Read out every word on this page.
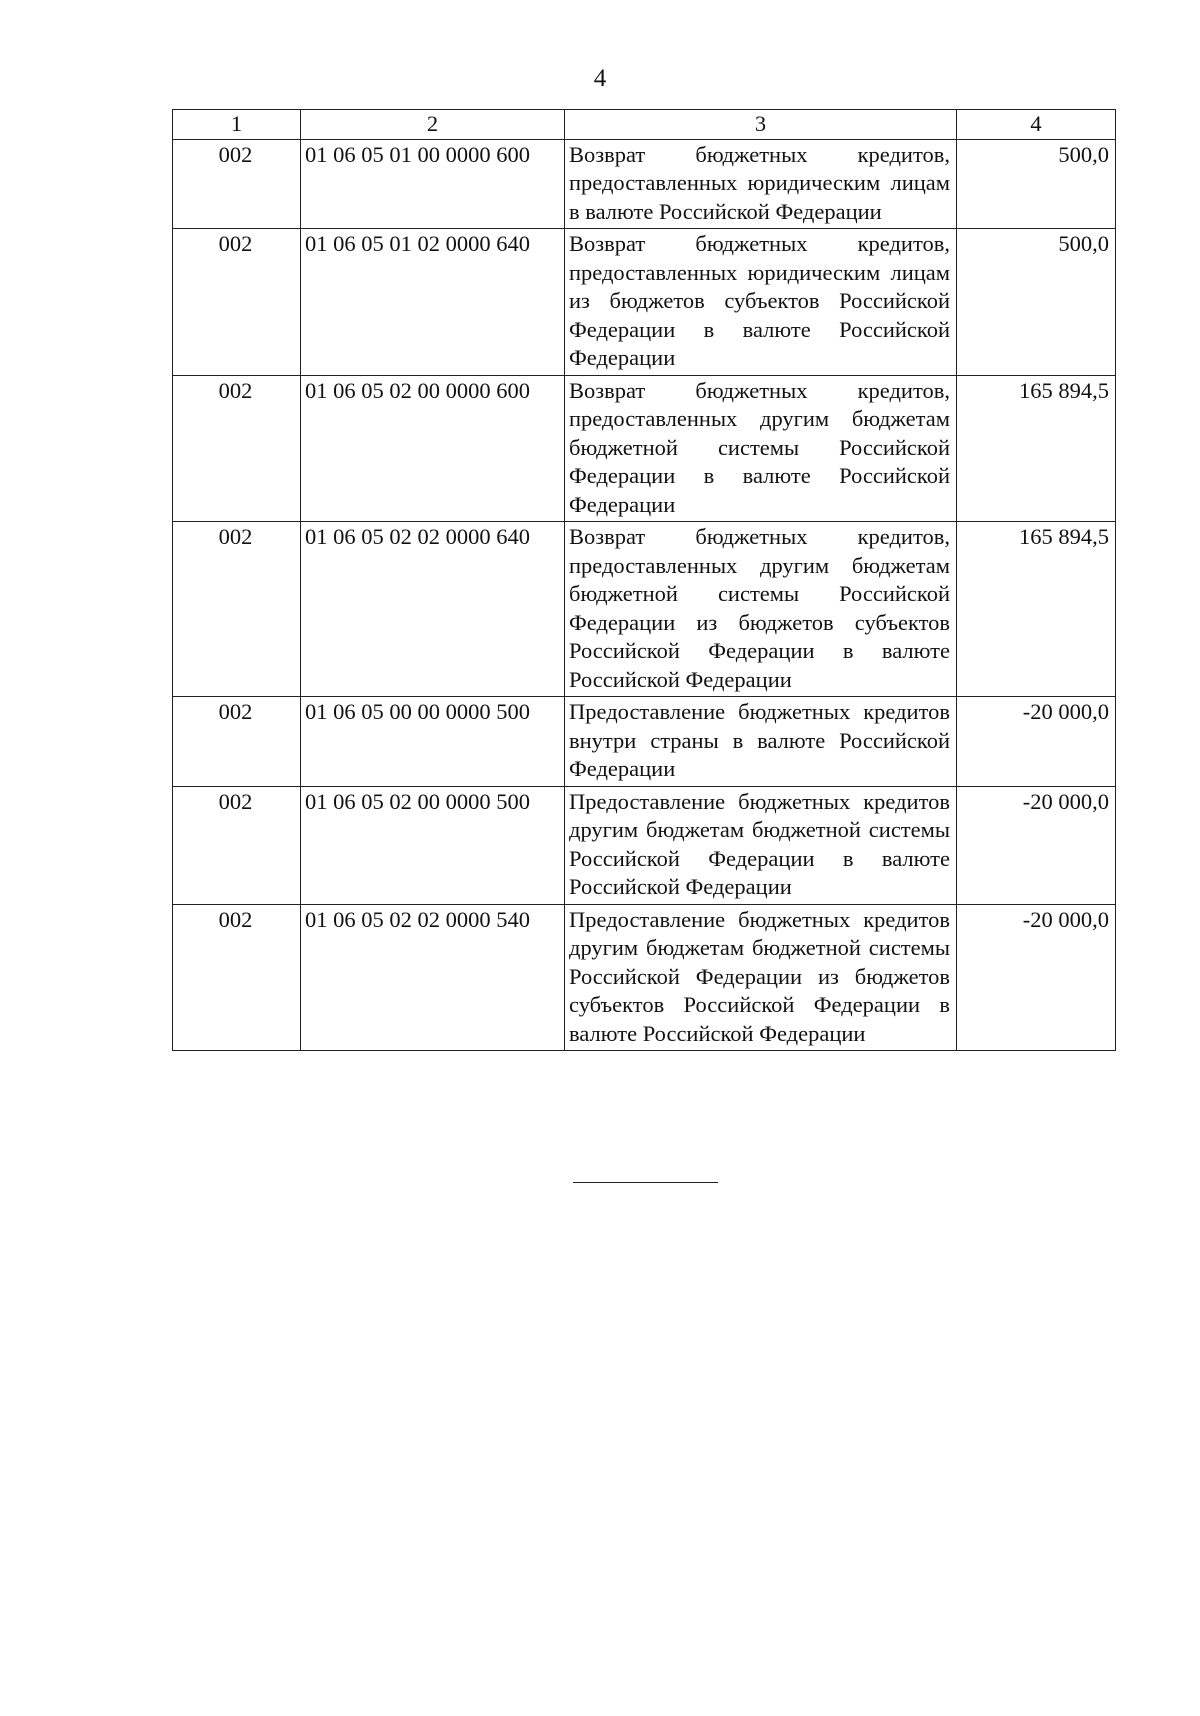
4
1	2	3	4
002	01 06 05 01 00 0000 600	Возврат бюджетных кредитов, предоставленных юридическим лицам в валюте Российской Федерации	500,0
002	01 06 05 01 02 0000 640	Возврат бюджетных кредитов, предоставленных юридическим лицам из бюджетов субъектов Российской Федерации в валюте Российской Федерации	500,0
002	01 06 05 02 00 0000 600	Возврат бюджетных кредитов, предоставленных другим бюджетам бюджетной системы Российской Федерации в валюте Российской Федерации	165 894,5
002	01 06 05 02 02 0000 640	Возврат бюджетных кредитов, предоставленных другим бюджетам бюджетной системы Российской Федерации из бюджетов субъектов Российской Федерации в валюте Российской Федерации	165 894,5
002	01 06 05 00 00 0000 500	Предоставление бюджетных кредитов внутри страны в валюте Российской Федерации	-20 000,0
002	01 06 05 02 00 0000 500	Предоставление бюджетных кредитов другим бюджетам бюджетной системы Российской Федерации в валюте Российской Федерации	-20 000,0
002	01 06 05 02 02 0000 540	Предоставление бюджетных кредитов другим бюджетам бюджетной системы Российской Федерации из бюджетов субъектов Российской Федерации в валюте Российской Федерации	-20 000,0
